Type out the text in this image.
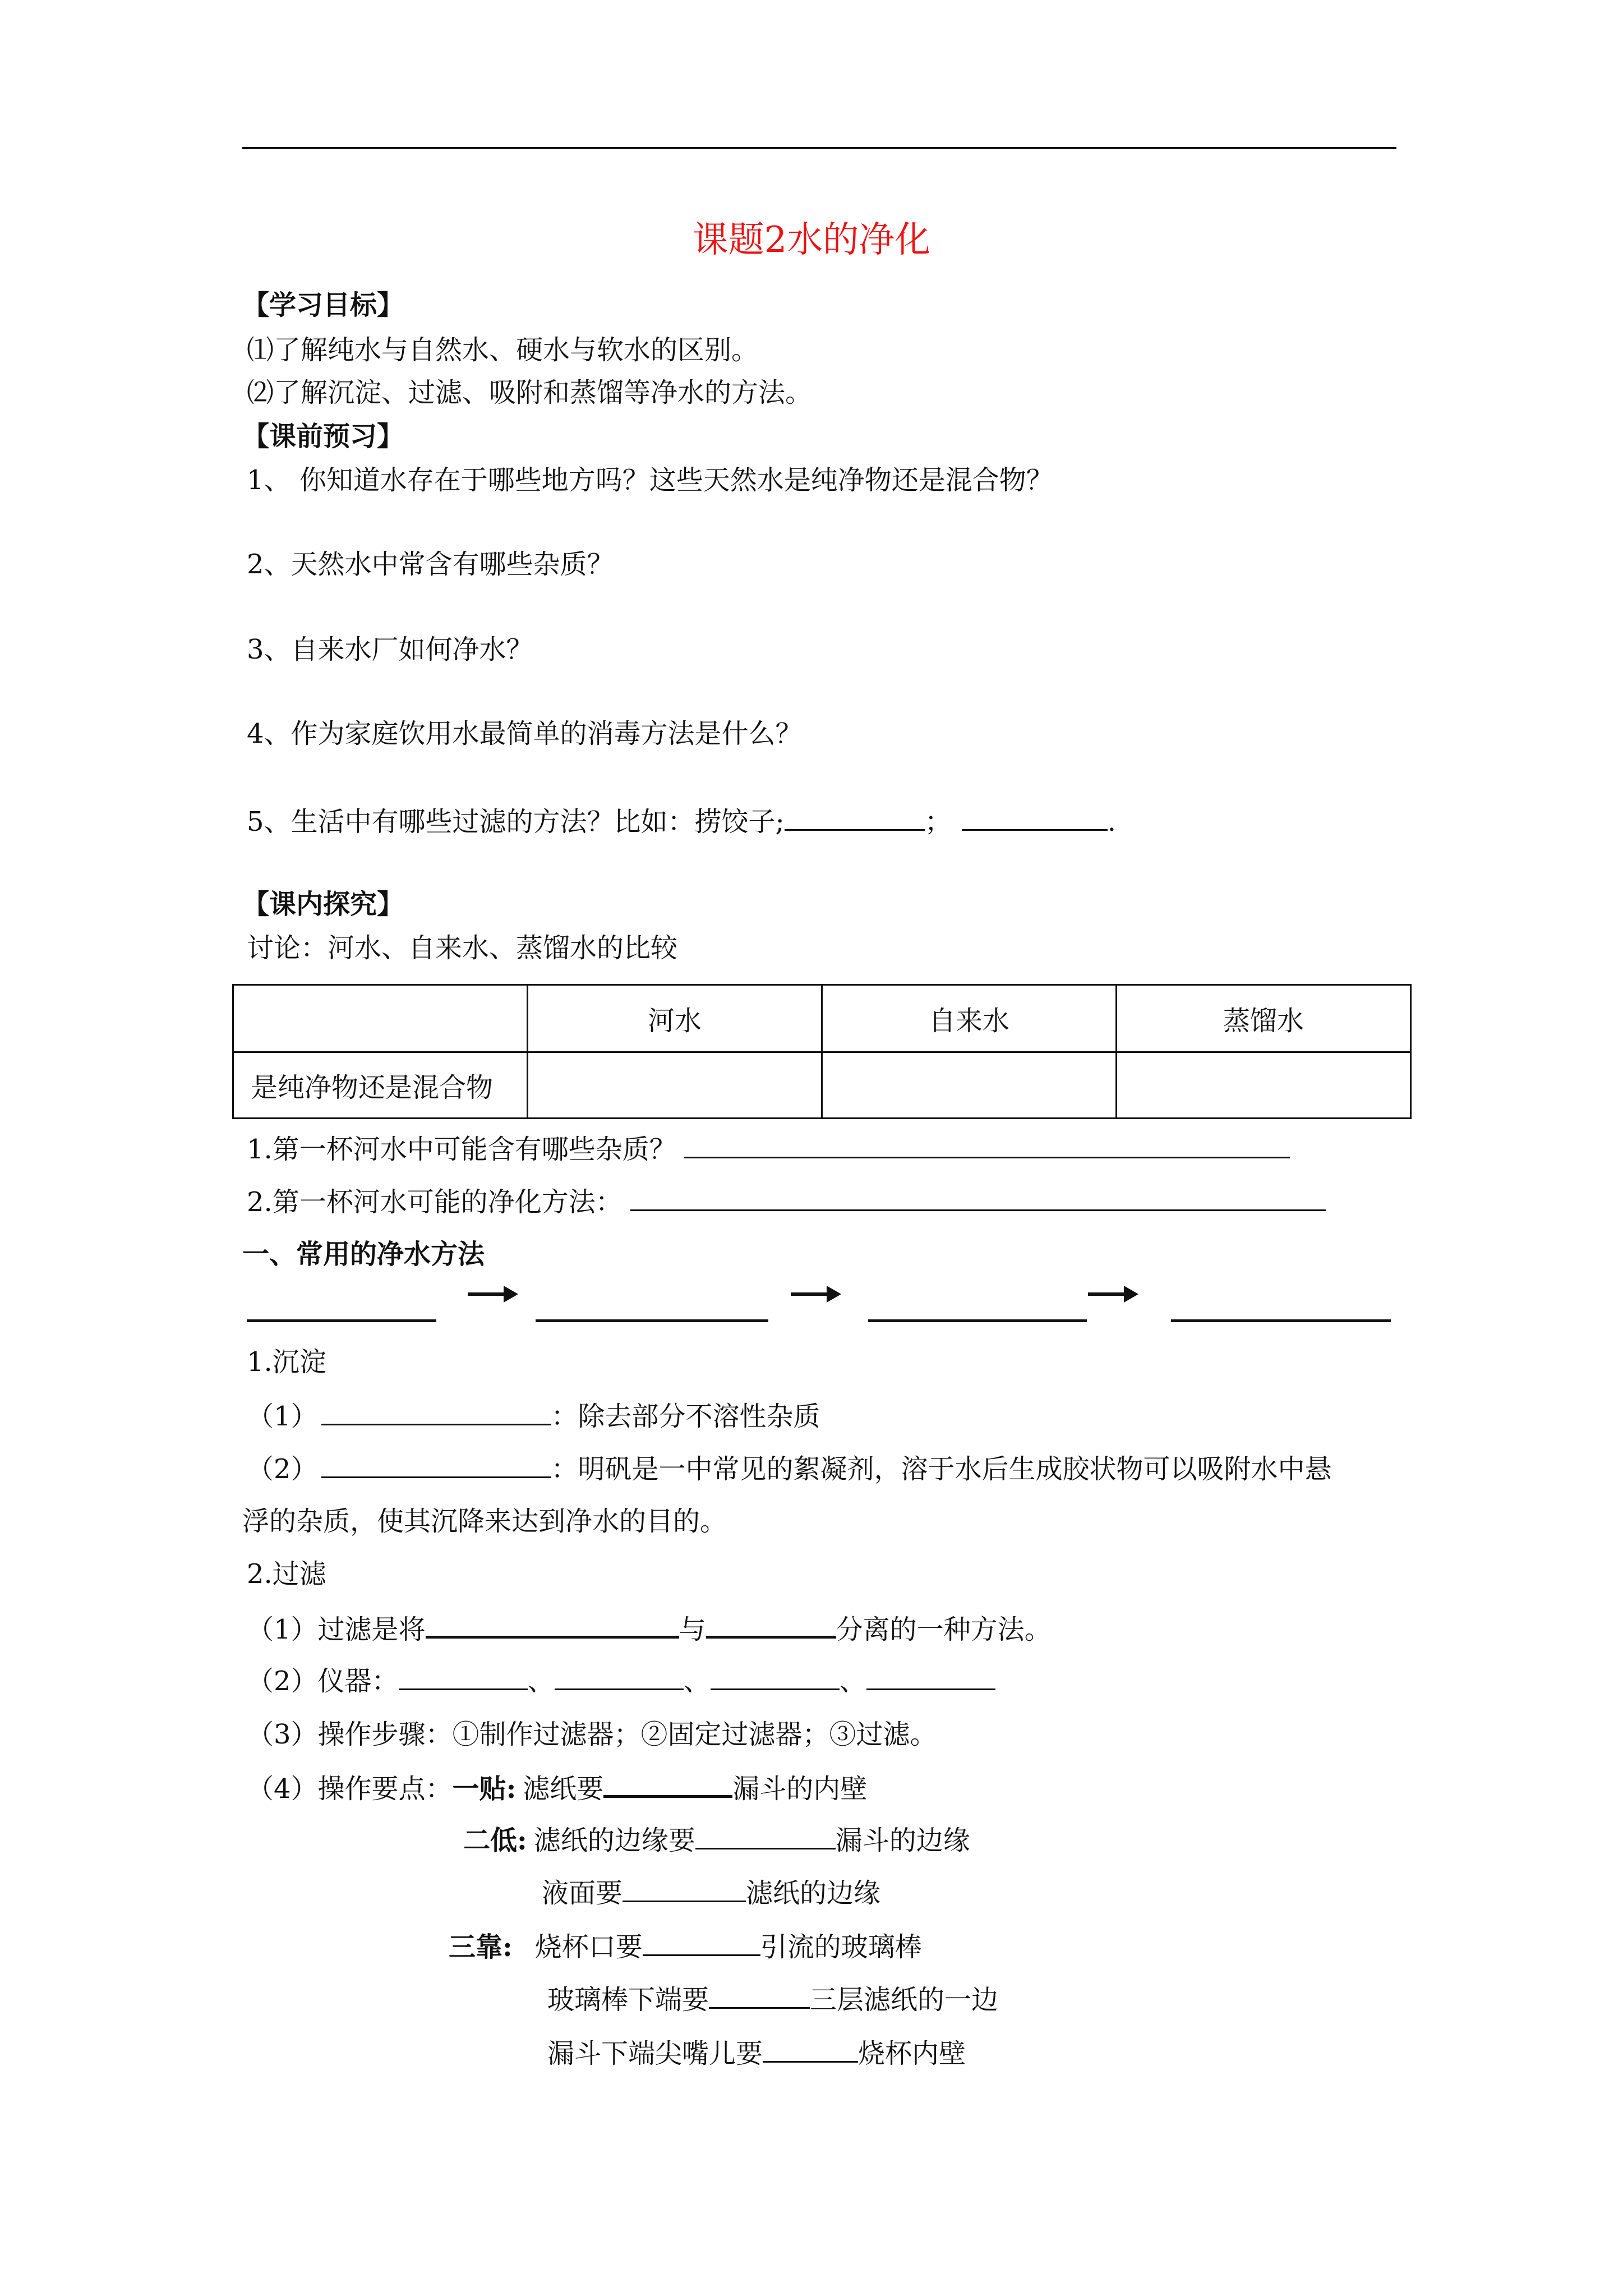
课题2水的净化
【学习目标】
⑴了解纯水与自然水、硬水与软水的区别。
⑵了解沉淀、过滤、吸附和蒸馏等净水的方法。
【课前预习】
1、 你知道水存在于哪些地方吗？这些天然水是纯净物还是混合物？
2、天然水中常含有哪些杂质？
3、自来水厂如何净水？
4、作为家庭饮用水最简单的消毒方法是什么？
5、生活中有哪些过滤的方法？比如：捞饺子;	；	.
【课内探究】
讨论：河水、自来水、蒸馏水的比较
	河水	自来水	蒸馏水
是纯净物还是混合物			
1.第一杯河水中可能含有哪些杂质？
2.第一杯河水可能的净化方法：
一、常用的净水方法
1.沉淀
（1）	：除去部分不溶性杂质
（2）	：明矾是一中常见的絮凝剂，溶于水后生成胶状物可以吸附水中悬
浮的杂质，使其沉降来达到净水的目的。
2.过滤
（1）过滤是将	与	分离的一种方法。
（2）仪器：	、	、	、
（3）操作步骤：①制作过滤器；②固定过滤器；③过滤。
（4）操作要点：一贴: 滤纸要	漏斗的内壁
二低: 滤纸的边缘要	漏斗的边缘
液面要	滤纸的边缘
三靠: 烧杯口要	引流的玻璃棒
玻璃棒下端要	三层滤纸的一边
漏斗下端尖嘴儿要	烧杯内壁
